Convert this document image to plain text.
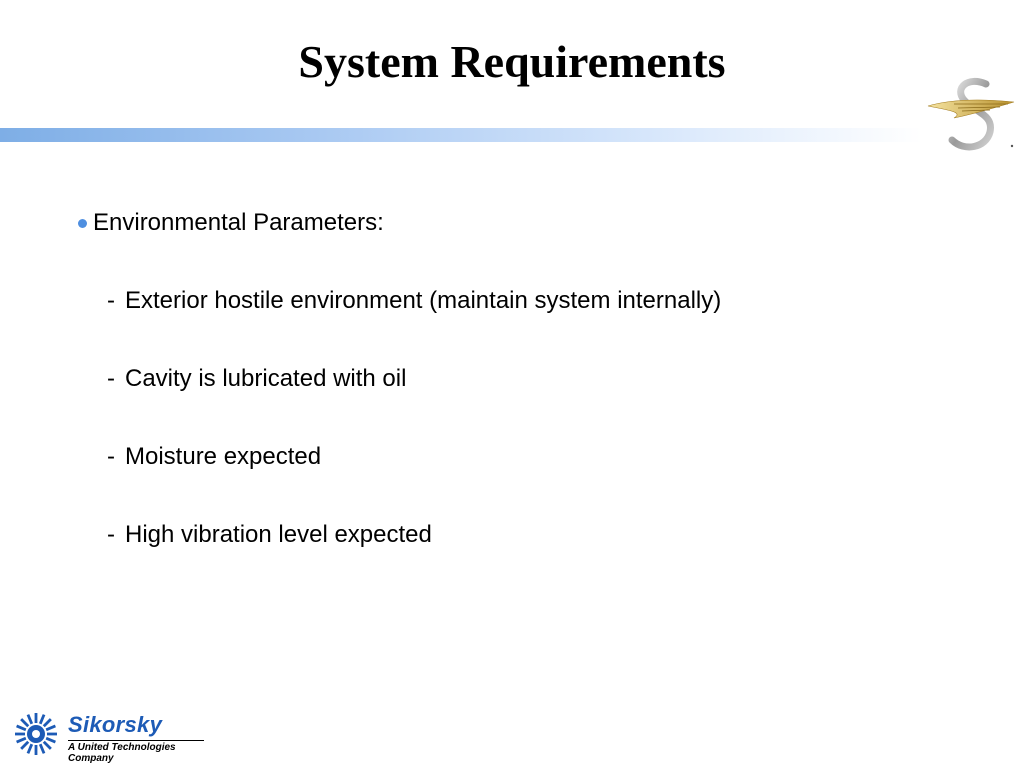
System Requirements
Environmental Parameters:
- Exterior hostile environment (maintain system internally)
- Cavity is lubricated with oil
- Moisture expected
- High vibration level expected
Sikorsky
A United Technologies Company
